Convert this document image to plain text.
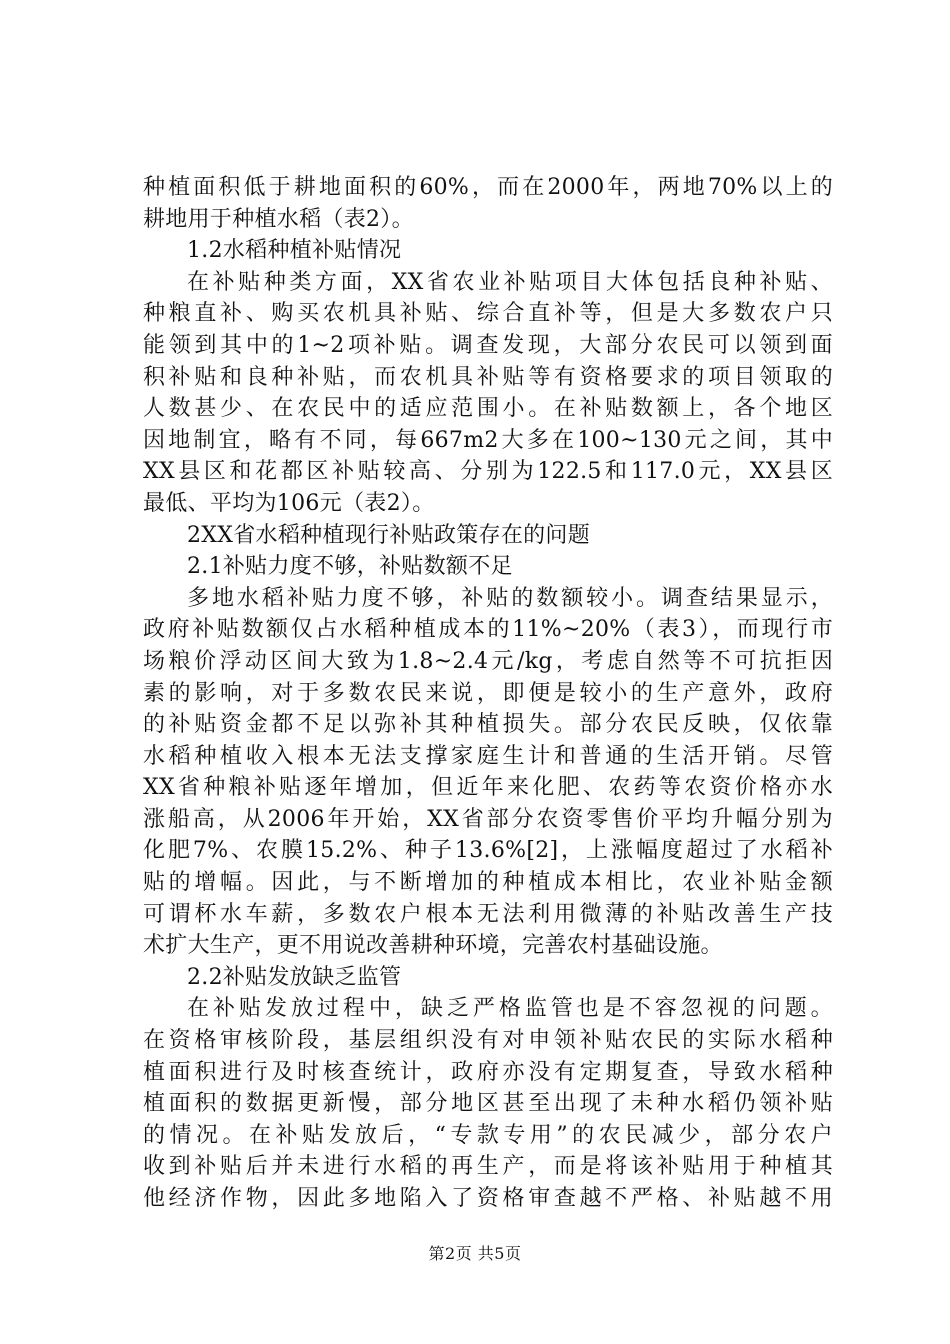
种植面积低于耕地面积的60%，而在2000年，两地70%以上的
耕地用于种植水稻（表2）。

1.2水稻种植补贴情况

在补贴种类方面，XX省农业补贴项目大体包括良种补贴、
种粮直补、购买农机具补贴、综合直补等，但是大多数农户只
能领到其中的1~2项补贴。调查发现，大部分农民可以领到面
积补贴和良种补贴，而农机具补贴等有资格要求的项目领取的
人数甚少、在农民中的适应范围小。在补贴数额上，各个地区
因地制宜，略有不同，每667m2大多在100~130元之间，其中
XX县区和花都区补贴较高、分别为122.5和117.0元，XX县区
最低、平均为106元（表2）。

2XX省水稻种植现行补贴政策存在的问题

2.1补贴力度不够，补贴数额不足

多地水稻补贴力度不够，补贴的数额较小。调查结果显示，
政府补贴数额仅占水稻种植成本的11%~20%（表3），而现行市
场粮价浮动区间大致为1.8~2.4元/kg，考虑自然等不可抗拒因
素的影响，对于多数农民来说，即便是较小的生产意外，政府
的补贴资金都不足以弥补其种植损失。部分农民反映，仅依靠
水稻种植收入根本无法支撑家庭生计和普通的生活开销。尽管
XX省种粮补贴逐年增加，但近年来化肥、农药等农资价格亦水
涨船高，从2006年开始，XX省部分农资零售价平均升幅分别为
化肥7%、农膜15.2%、种子13.6%[2]，上涨幅度超过了水稻补
贴的增幅。因此，与不断增加的种植成本相比，农业补贴金额
可谓杯水车薪，多数农户根本无法利用微薄的补贴改善生产技
术扩大生产，更不用说改善耕种环境，完善农村基础设施。

2.2补贴发放缺乏监管

在补贴发放过程中，缺乏严格监管也是不容忽视的问题。
在资格审核阶段，基层组织没有对申领补贴农民的实际水稻种
植面积进行及时核查统计，政府亦没有定期复查，导致水稻种
植面积的数据更新慢，部分地区甚至出现了未种水稻仍领补贴
的情况。在补贴发放后，“专款专用”的农民减少，部分农户
收到补贴后并未进行水稻的再生产，而是将该补贴用于种植其
他经济作物，因此多地陷入了资格审查越不严格、补贴越不用

第2页 共5页
